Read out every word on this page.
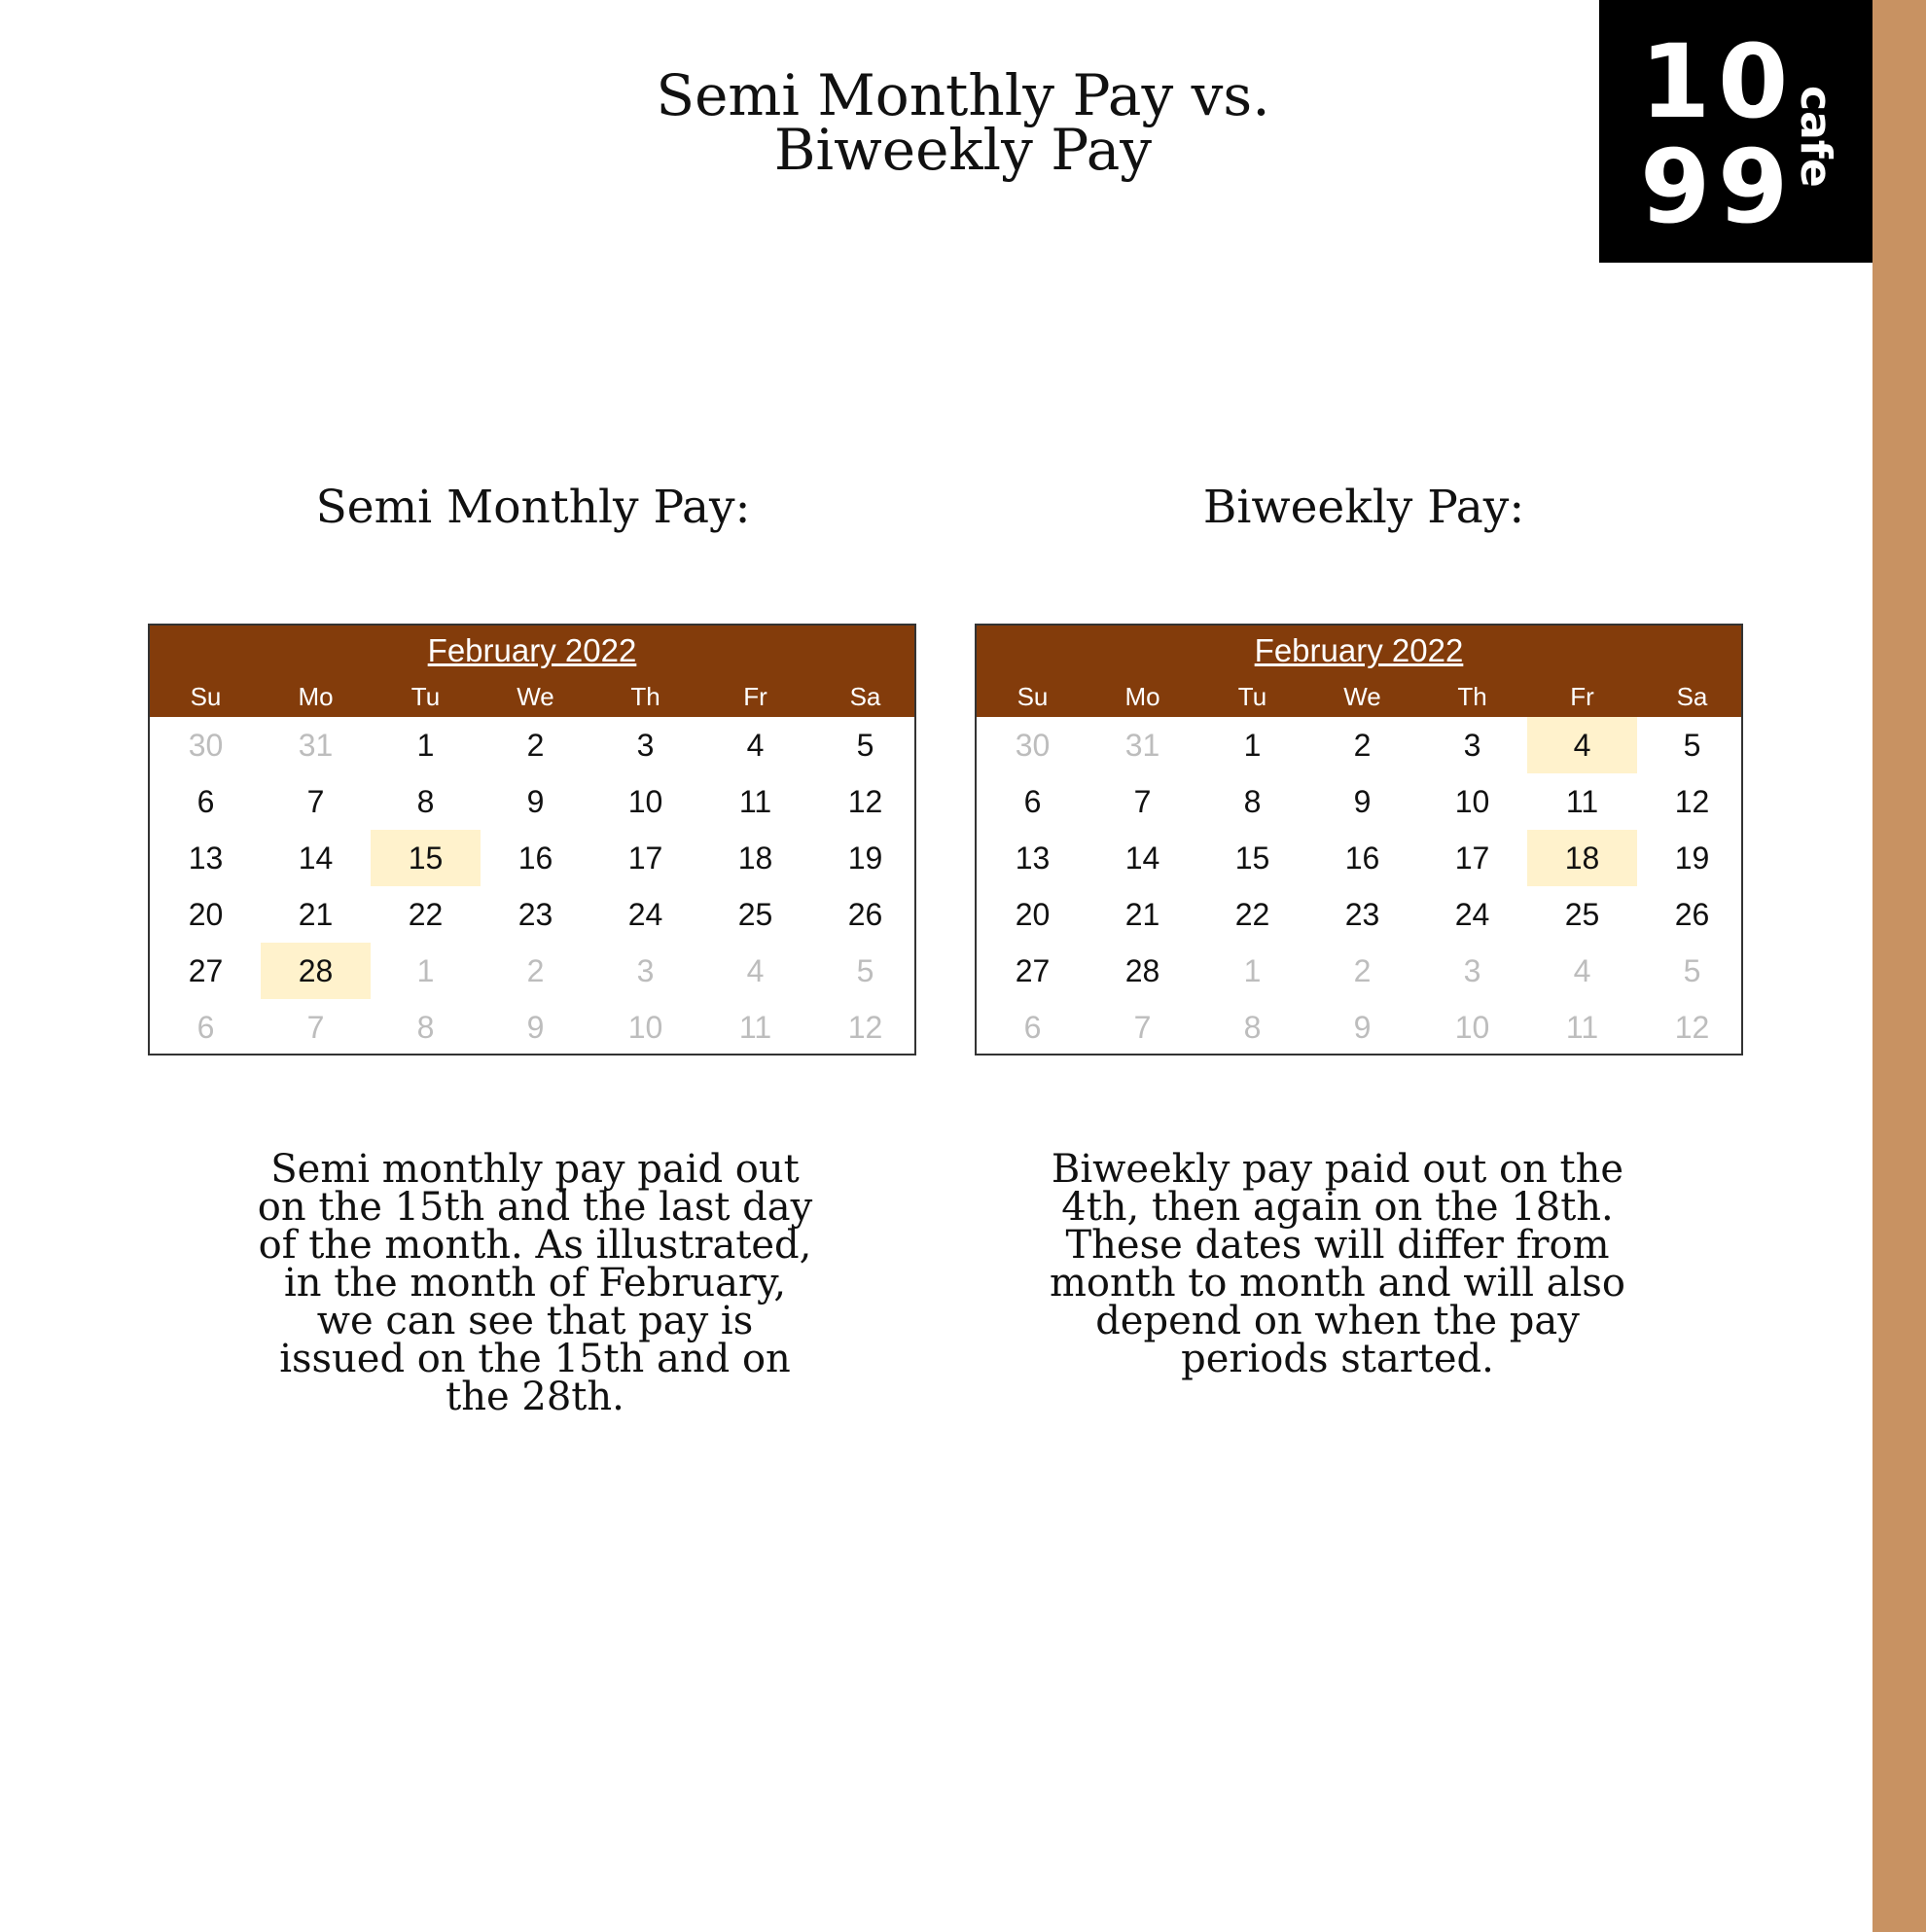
1 0
9 9 cafe
Semi Monthly Pay vs.
Biweekly Pay
Semi Monthly Pay:	Biweekly Pay:
February 2022
Su	Mo	Tu	We	Th	Fr	Sa
30	31	1	2	3	4	5
6	7	8	9	10	11	12
13	14	15	16	17	18	19
20	21	22	23	24	25	26
27	28	1	2	3	4	5
6	7	8	9	10	11	12
February 2022
Su	Mo	Tu	We	Th	Fr	Sa
30	31	1	2	3	4	5
6	7	8	9	10	11	12
13	14	15	16	17	18	19
20	21	22	23	24	25	26
27	28	1	2	3	4	5
6	7	8	9	10	11	12
Semi monthly pay paid out
on the 15th and the last day
of the month. As illustrated,
in the month of February,
we can see that pay is
issued on the 15th and on
the 28th.
Biweekly pay paid out on the
4th, then again on the 18th.
These dates will differ from
month to month and will also
depend on when the pay
periods started.
